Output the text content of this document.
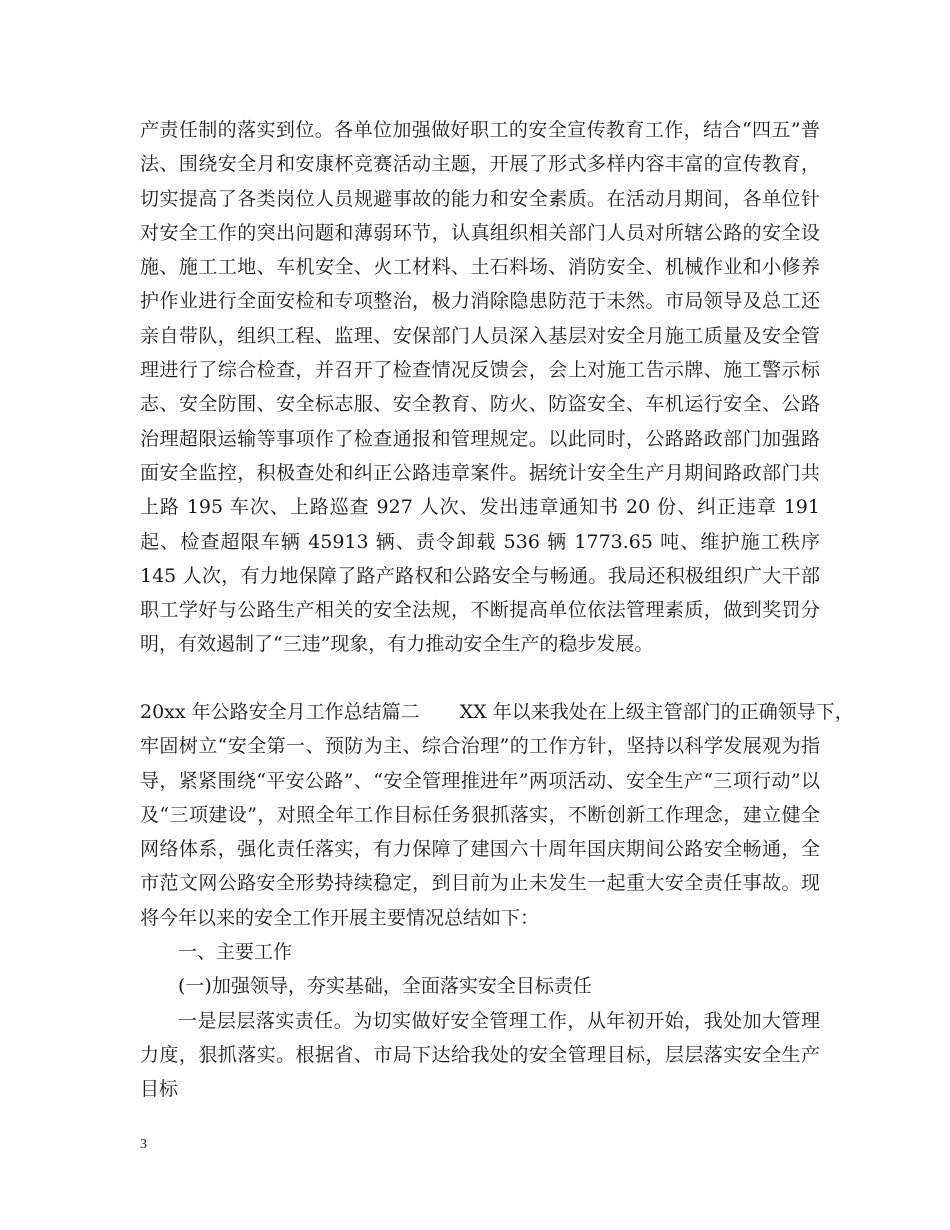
产责任制的落实到位。各单位加强做好职工的安全宣传教育工作，结合“四五”普法、围绕安全月和安康杯竞赛活动主题，开展了形式多样内容丰富的宣传教育，切实提高了各类岗位人员规避事故的能力和安全素质。在活动月期间，各单位针对安全工作的突出问题和薄弱环节，认真组织相关部门人员对所辖公路的安全设施、施工工地、车机安全、火工材料、土石料场、消防安全、机械作业和小修养护作业进行全面安检和专项整治，极力消除隐患防范于未然。市局领导及总工还亲自带队，组织工程、监理、安保部门人员深入基层对安全月施工质量及安全管理进行了综合检查，并召开了检查情况反馈会，会上对施工告示牌、施工警示标志、安全防围、安全标志服、安全教育、防火、防盗安全、车机运行安全、公路治理超限运输等事项作了检查通报和管理规定。以此同时，公路路政部门加强路面安全监控，积极查处和纠正公路违章案件。据统计安全生产月期间路政部门共上路 195 车次、上路巡查 927 人次、发出违章通知书 20 份、纠正违章 191 起、检查超限车辆 45913 辆、责令卸载 536 辆 1773.65 吨、维护施工秩序 145 人次，有力地保障了路产路权和公路安全与畅通。我局还积极组织广大干部职工学好与公路生产相关的安全法规，不断提高单位依法管理素质，做到奖罚分明，有效遏制了“三违”现象，有力推动安全生产的稳步发展。

20xx 年公路安全月工作总结篇二 XX 年以来我处在上级主管部门的正确领导下，

牢固树立“安全第一、预防为主、综合治理”的工作方针，坚持以科学发展观为指导，紧紧围绕“平安公路”、“安全管理推进年”两项活动、安全生产“三项行动”以及“三项建设”，对照全年工作目标任务狠抓落实，不断创新工作理念，建立健全网络体系，强化责任落实，有力保障了建国六十周年国庆期间公路安全畅通，全市范文网公路安全形势持续稳定，到目前为止未发生一起重大安全责任事故。现将今年以来的安全工作开展主要情况总结如下：

一、主要工作

(一)加强领导，夯实基础，全面落实安全目标责任

一是层层落实责任。为切实做好安全管理工作，从年初开始，我处加大管理力度，狠抓落实。根据省、市局下达给我处的安全管理目标，层层落实安全生产目标

3
